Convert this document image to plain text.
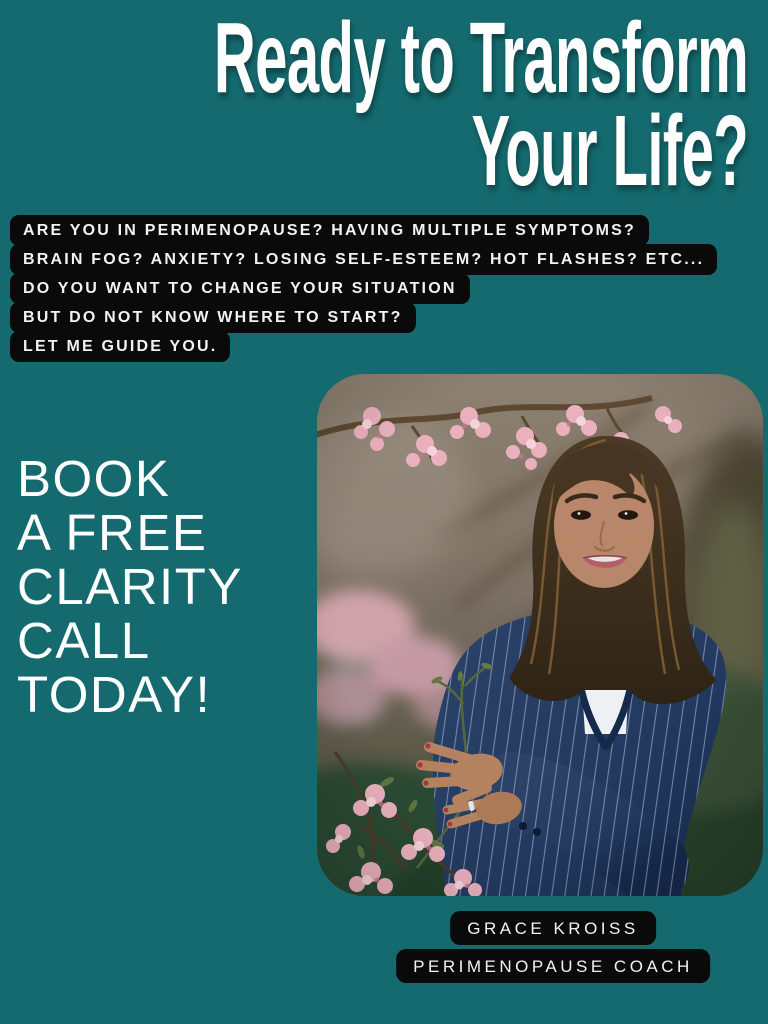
Ready to Transform
Your Life?
ARE YOU IN PERIMENOPAUSE? HAVING MULTIPLE SYMPTOMS?
BRAIN FOG? ANXIETY? LOSING SELF-ESTEEM? HOT FLASHES? ETC...
DO YOU WANT TO CHANGE YOUR SITUATION
BUT DO NOT KNOW WHERE TO START?
LET ME GUIDE YOU.
BOOK
A FREE
CLARITY
CALL
TODAY!
GRACE KROISS
PERIMENOPAUSE COACH
